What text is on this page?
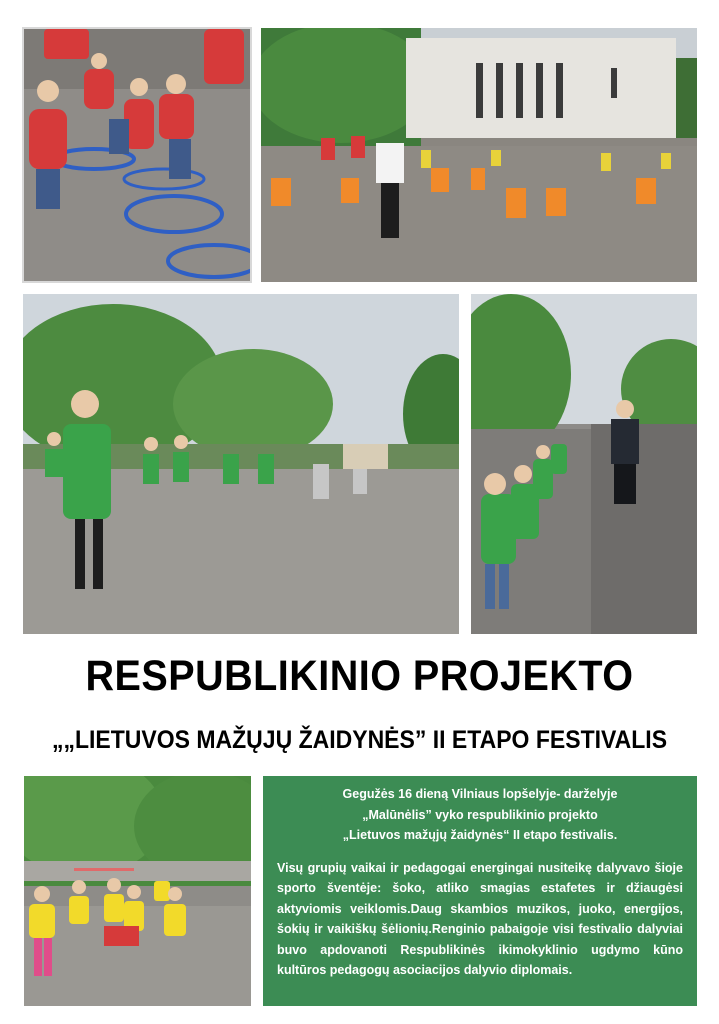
RESPUBLIKINIO PROJEKTO
„„LIETUVOS MAŽŲJŲ ŽAIDYNĖS” II ETAPO FESTIVALIS
Gegužės 16 dieną Vilniaus lopšelyje- darželyje
„Malūnėlis” vyko respublikinio projekto
„Lietuvos mažųjų žaidynės“ II etapo festivalis.
Visų grupių vaikai ir pedagogai energingai nusiteikę dalyvavo šioje sporto šventėje: šoko, atliko smagias estafetes ir džiaugėsi aktyviomis veiklomis.Daug skambios muzikos, juoko, energijos, šokių ir vaikiškų šėlionių.Renginio pabaigoje visi festivalio dalyviai buvo apdovanoti Respublikinės ikimokyklinio ugdymo kūno kultūros pedagogų asociacijos dalyvio diplomais.
